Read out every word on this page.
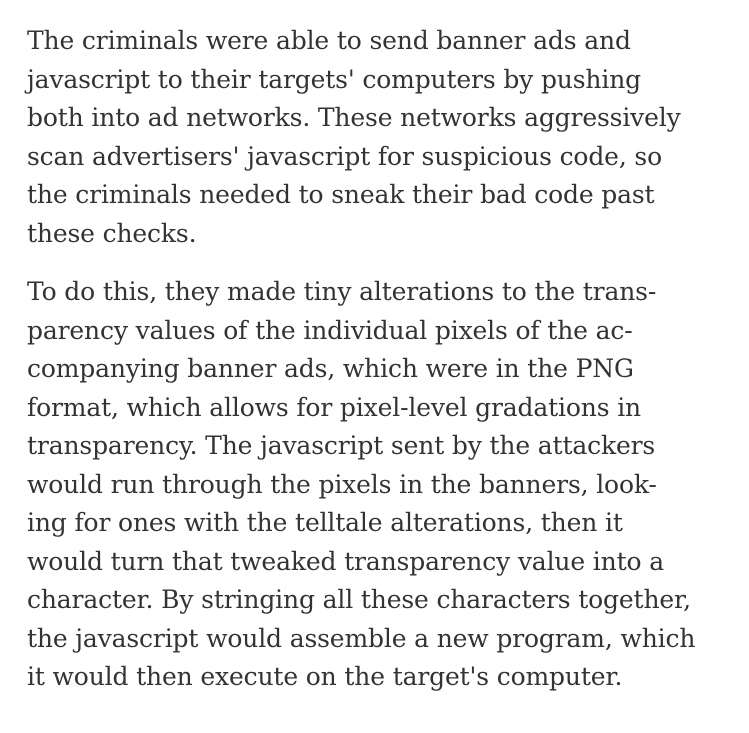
The criminals were able to send banner ads and
javascript to their targets' computers by pushing
both into ad networks. These networks aggressively
scan advertisers' javascript for suspicious code, so
the criminals needed to sneak their bad code past
these checks.

To do this, they made tiny alterations to the trans-
parency values of the individual pixels of the ac-
companying banner ads, which were in the PNG
format, which allows for pixel-level gradations in
transparency. The javascript sent by the attackers
would run through the pixels in the banners, look-
ing for ones with the telltale alterations, then it
would turn that tweaked transparency value into a
character. By stringing all these characters together,
the javascript would assemble a new program, which
it would then execute on the target's computer.
